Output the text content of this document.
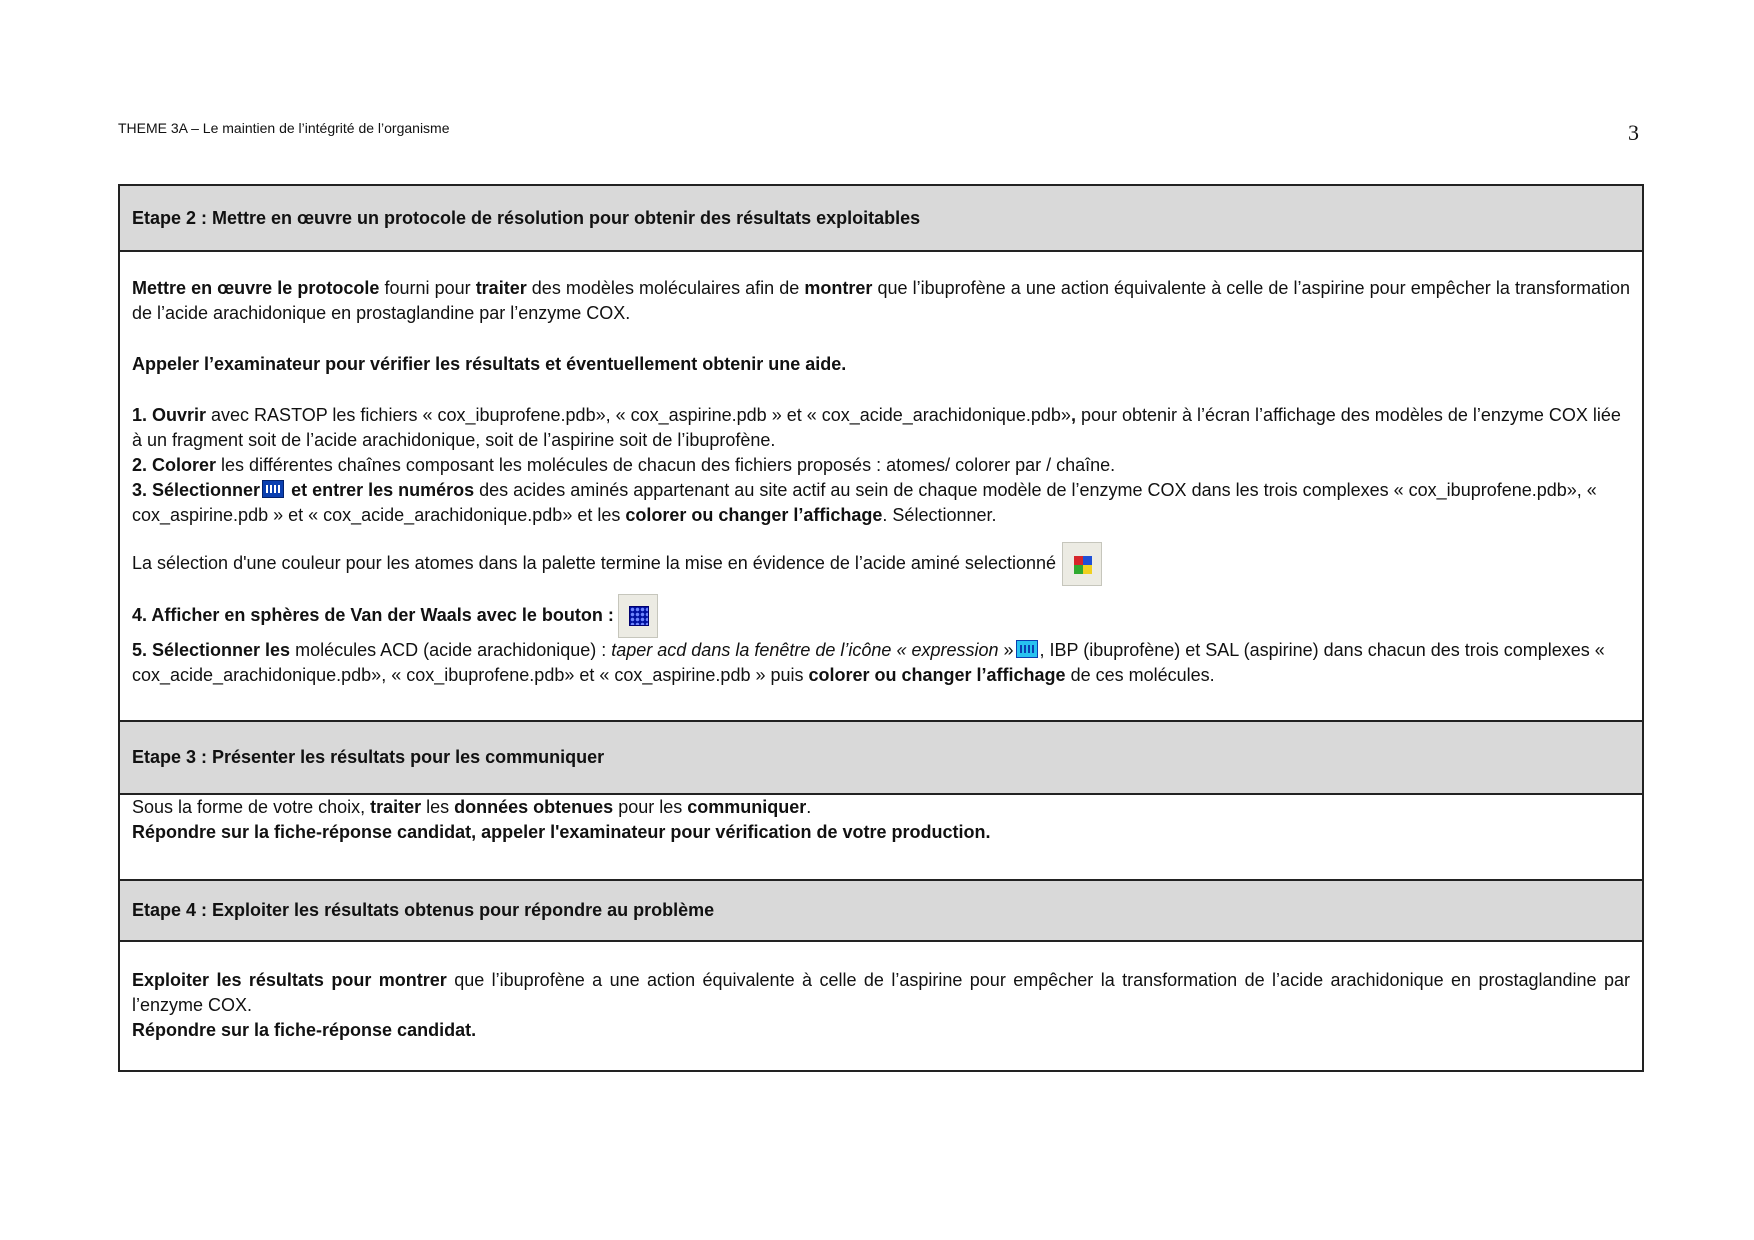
THEME 3A – Le maintien de l’intégrité de l’organisme	3
Etape 2 : Mettre en œuvre un protocole de résolution pour obtenir des résultats exploitables

Mettre en œuvre le protocole fourni pour traiter des modèles moléculaires afin de montrer que l’ibuprofène a une action équivalente à celle de l’aspirine pour empêcher la transformation de l’acide arachidonique en prostaglandine par l’enzyme COX.

Appeler l’examinateur pour vérifier les résultats et éventuellement obtenir une aide.

1. Ouvrir avec RASTOP les fichiers « cox_ibuprofene.pdb», « cox_aspirine.pdb » et « cox_acide_arachidonique.pdb», pour obtenir à l’écran l’affichage des modèles de l’enzyme COX liée à un fragment soit de l’acide arachidonique, soit de l’aspirine soit de l’ibuprofène.

2. Colorer les différentes chaînes composant les molécules de chacun des fichiers proposés : atomes/ colorer par / chaîne.

3. Sélectionner et entrer les numéros des acides aminés appartenant au site actif au sein de chaque modèle de l’enzyme COX dans les trois complexes « cox_ibuprofene.pdb», « cox_aspirine.pdb » et « cox_acide_arachidonique.pdb» et les colorer ou changer l’affichage. Sélectionner.

La sélection d'une couleur pour les atomes dans la palette termine la mise en évidence de l’acide aminé selectionné

4. Afficher en sphères de Van der Waals avec le bouton :

5. Sélectionner les molécules ACD (acide arachidonique) : taper acd dans la fenêtre de l’icône « expression » , IBP (ibuprofène) et SAL (aspirine) dans chacun des trois complexes « cox_acide_arachidonique.pdb», « cox_ibuprofene.pdb» et « cox_aspirine.pdb » puis colorer ou changer l’affichage de ces molécules.

Etape 3 : Présenter les résultats pour les communiquer

Sous la forme de votre choix, traiter les données obtenues pour les communiquer.

Répondre sur la fiche-réponse candidat, appeler l'examinateur pour vérification de votre production.

Etape 4 : Exploiter les résultats obtenus pour répondre au problème

Exploiter les résultats pour montrer que l’ibuprofène a une action équivalente à celle de l’aspirine pour empêcher la transformation de l’acide arachidonique en prostaglandine par l’enzyme COX.

Répondre sur la fiche-réponse candidat.
